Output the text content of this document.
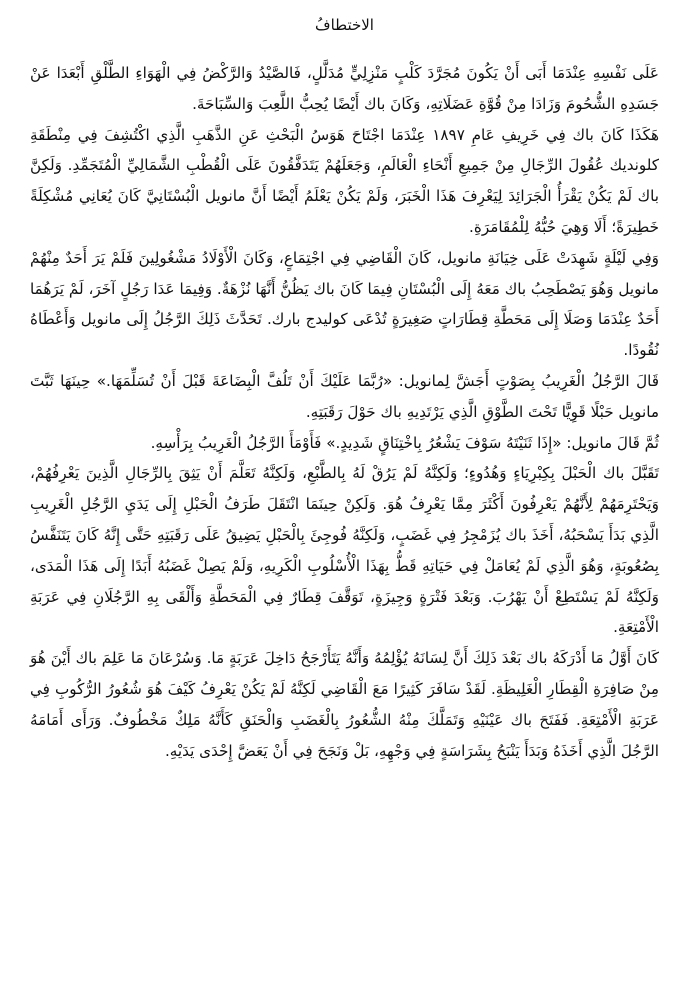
الاختطافُ

عَلَى نَفْسِهِ عِنْدَمَا أَبَى أَنْ يَكُونَ مُجَرَّدَ كَلْبٍ مَنْزِلِيٍّ مُدَلَّلٍ، فَالصَّيْدُ وَالرَّكْضُ فِي الْهَوَاءِ الطَّلْقِ أَبْعَدَا عَنْ جَسَدِهِ الشُّحُومَ وَزَادَا مِنْ قُوَّةِ عَضَلَاتِهِ، وَكَانَ باك أَيْضًا يُحِبُّ اللَّعِبَ وَالسِّبَاحَةَ.

هَكَذَا كَانَ باك فِي خَرِيفِ عَامِ ١٨٩٧ عِنْدَمَا اجْتَاحَ هَوَسُ الْبَحْثِ عَنِ الذَّهَبِ الَّذِي اكْتُشِفَ فِي مِنْطَقَةِ كلونديك عُقُولَ الرِّجَالِ مِنْ جَمِيعِ أَنْحَاءِ الْعَالَمِ، وَجَعَلَهُمْ يَتَدَفَّقُونَ عَلَى الْقُطْبِ الشَّمَالِيِّ الْمُتَجَمِّدِ. وَلَكِنَّ باك لَمْ يَكُنْ يَقْرَأُ الْجَرَائِدَ لِيَعْرِفَ هَذَا الْخَبَرَ، وَلَمْ يَكُنْ يَعْلَمُ أَيْضًا أَنَّ مانويل الْبُسْتَانِيَّ كَانَ يُعَانِي مُشْكِلَةً خَطِيرَةً؛ أَلَا وَهِيَ حُبُّهُ لِلْمُقَامَرَةِ.

وَفِي لَيْلَةٍ شَهِدَتْ عَلَى خِيَانَةِ مانويل، كَانَ الْقَاضِي فِي اجْتِمَاعٍ، وَكَانَ الْأَوْلَادُ مَشْغُولِينَ فَلَمْ يَرَ أَحَدٌ مِنْهُمْ مانويل وَهُوَ يَصْطَحِبُ باك مَعَهُ إِلَى الْبُسْتَانِ فِيمَا كَانَ باك يَظُنُّ أَنَّهَا نُزْهَةٌ. وَفِيمَا عَدَا رَجُلٍ آخَرَ، لَمْ يَرَهُمَا أَحَدٌ عِنْدَمَا وَصَلَا إِلَى مَحَطَّةِ قِطَارَاتٍ صَغِيرَةٍ تُدْعَى كوليدج بارك. تَحَدَّثَ ذَلِكَ الرَّجُلُ إِلَى مانويل وَأَعْطَاهُ نُقُودًا.

قَالَ الرَّجُلُ الْغَرِيبُ بِصَوْتٍ أَجَشَّ لِمانويل: «رُبَّمَا عَلَيْكَ أَنْ تَلُفَّ الْبِضَاعَةَ قَبْلَ أَنْ تُسَلِّمَهَا.» حِينَهَا ثَبَّتَ مانويل حَبْلًا قَوِيًّا تَحْتَ الطَّوْقِ الَّذِي يَرْتَدِيهِ باك حَوْلَ رَقَبَتِهِ.

ثُمَّ قَالَ مانويل: «إِذَا ثَنَيْتَهُ سَوْفَ يَشْعُرُ بِاخْتِنَاقٍ شَدِيدٍ.» فَأَوْمَأَ الرَّجُلُ الْغَرِيبُ بِرَأْسِهِ.

تَقَبَّلَ باك الْحَبْلَ بِكِبْرِيَاءٍ وَهُدُوءٍ؛ وَلَكِنَّهُ لَمْ يَرُقْ لَهُ بِالطَّبْعِ، وَلَكِنَّهُ تَعَلَّمَ أَنْ يَثِقَ بِالرِّجَالِ الَّذِينَ يَعْرِفُهُمْ، وَيَحْتَرِمَهُمْ لِأَنَّهُمْ يَعْرِفُونَ أَكْثَرَ مِمَّا يَعْرِفُ هُوَ. وَلَكِنْ حِينَمَا انْتَقَلَ طَرَفُ الْحَبْلِ إِلَى يَدَيِ الرَّجُلِ الْغَرِيبِ الَّذِي بَدَأَ يَسْحَبُهُ، أَخَذَ باك يُزَمْجِرُ فِي غَضَبٍ، وَلَكِنَّهُ فُوجِئَ بِالْحَبْلِ يَضِيقُ عَلَى رَقَبَتِهِ حَتَّى إِنَّهُ كَانَ يَتَنَفَّسُ بِصُعُوبَةٍ، وَهُوَ الَّذِي لَمْ يُعَامَلْ فِي حَيَاتِهِ قَطُّ بِهَذَا الْأُسْلُوبِ الْكَرِيهِ، وَلَمْ يَصِلْ غَضَبُهُ أَبَدًا إِلَى هَذَا الْمَدَى، وَلَكِنَّهُ لَمْ يَسْتَطِعْ أَنْ يَهْرُبَ. وَبَعْدَ فَتْرَةٍ وَجِيزَةٍ، تَوَقَّفَ قِطَارٌ فِي الْمَحَطَّةِ وَأَلْقَى بِهِ الرَّجُلَانِ فِي عَرَبَةِ الْأَمْتِعَةِ.

كَانَ أَوَّلُ مَا أَدْرَكَهُ باك بَعْدَ ذَلِكَ أَنَّ لِسَانَهُ يُؤْلِمُهُ وَأَنَّهُ يَتَأَرْجَحُ دَاخِلَ عَرَبَةٍ مَا. وَسُرْعَانَ مَا عَلِمَ باك أَيْنَ هُوَ مِنْ صَافِرَةِ الْقِطَارِ الْغَلِيظَةِ. لَقَدْ سَافَرَ كَثِيرًا مَعَ الْقَاضِي لَكِنَّهُ لَمْ يَكُنْ يَعْرِفُ كَيْفَ هُوَ شُعُورُ الرُّكُوبِ فِي عَرَبَةِ الْأَمْتِعَةِ. فَفَتَحَ باك عَيْنَيْهِ وَتَمَلَّكَ مِنْهُ الشُّعُورُ بِالْغَضَبِ وَالْحَنَقِ كَأَنَّهُ مَلِكٌ مَخْطُوفٌ. وَرَأَى أَمَامَهُ الرَّجُلَ الَّذِي أَخَذَهُ وَبَدَأَ يَنْبَحُ بِشَرَاسَةٍ فِي وَجْهِهِ، بَلْ وَنَجَحَ فِي أَنْ يَعَضَّ إِحْدَى يَدَيْهِ.
